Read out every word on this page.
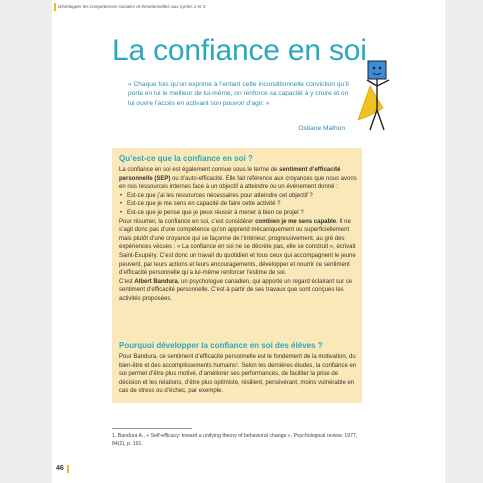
Développer les compétences sociales et émotionnelles aux cycles 2 et 3
La confiance en soi
« Chaque fois qu’on exprime à l’enfant cette inconditionnelle conviction qu’il porte en lui le meilleur de lui-même, on renforce sa capacité à y croire et on lui ouvre l’accès en activant son pouvoir d’agir. »
Ostiane Mathon
Qu’est-ce que la confiance en soi ?

La confiance en soi est également connue sous le terme de sentiment d’efficacité personnelle (SEP) ou d’auto-efficacité. Elle fait référence aux croyances que nous avons en nos ressources internes face à un objectif à atteindre ou un événement donné :

• Est-ce que j’ai les ressources nécessaires pour atteindre cet objectif ?
• Est-ce que je me sens en capacité de faire cette activité ?
• Est-ce que je pense que je peux réussir à mener à bien ce projet ?

Pour résumer, la confiance en soi, c’est considérer combien je me sens capable. Il ne s’agit donc pas d’une compétence qu’on apprend mécaniquement ou superficiellement mais plutôt d’une croyance qui se façonne de l’intérieur, progressivement, au gré des expériences vécues : « La confiance en soi ne se décrète pas, elle se construit », écrivait Saint-Exupéry. C’est donc un travail du quotidien et tous ceux qui accompagnent le jeune peuvent, par leurs actions et leurs encouragements, développer et nourrir ce sentiment d’efficacité personnelle qu’a lui-même renforcer l’estime de soi.

C’est Albert Bandura, un psychologue canadien, qui apporte un regard éclairant sur ce sentiment d’efficacité personnelle. C’est à partir de ses travaux que sont conçues les activités proposées.

Pourquoi développer la confiance en soi des élèves ?

Pour Bandura, ce sentiment d’efficacité personnelle est le fondement de la motivation, du bien-être et des accomplissements humains¹. Selon les dernières études, la confiance en soi permet d’être plus motivé, d’améliorer ses performances, de faciliter la prise de décision et les relations, d’être plus optimiste, résilient, persévérant, moins vulnérable en cas de stress ou d’échec, par exemple.

1. Bandura A., « Self-efficacy: toward a unifying theory of behavioral change », Psychological review, 1977, 84(2), p. 191.
46
